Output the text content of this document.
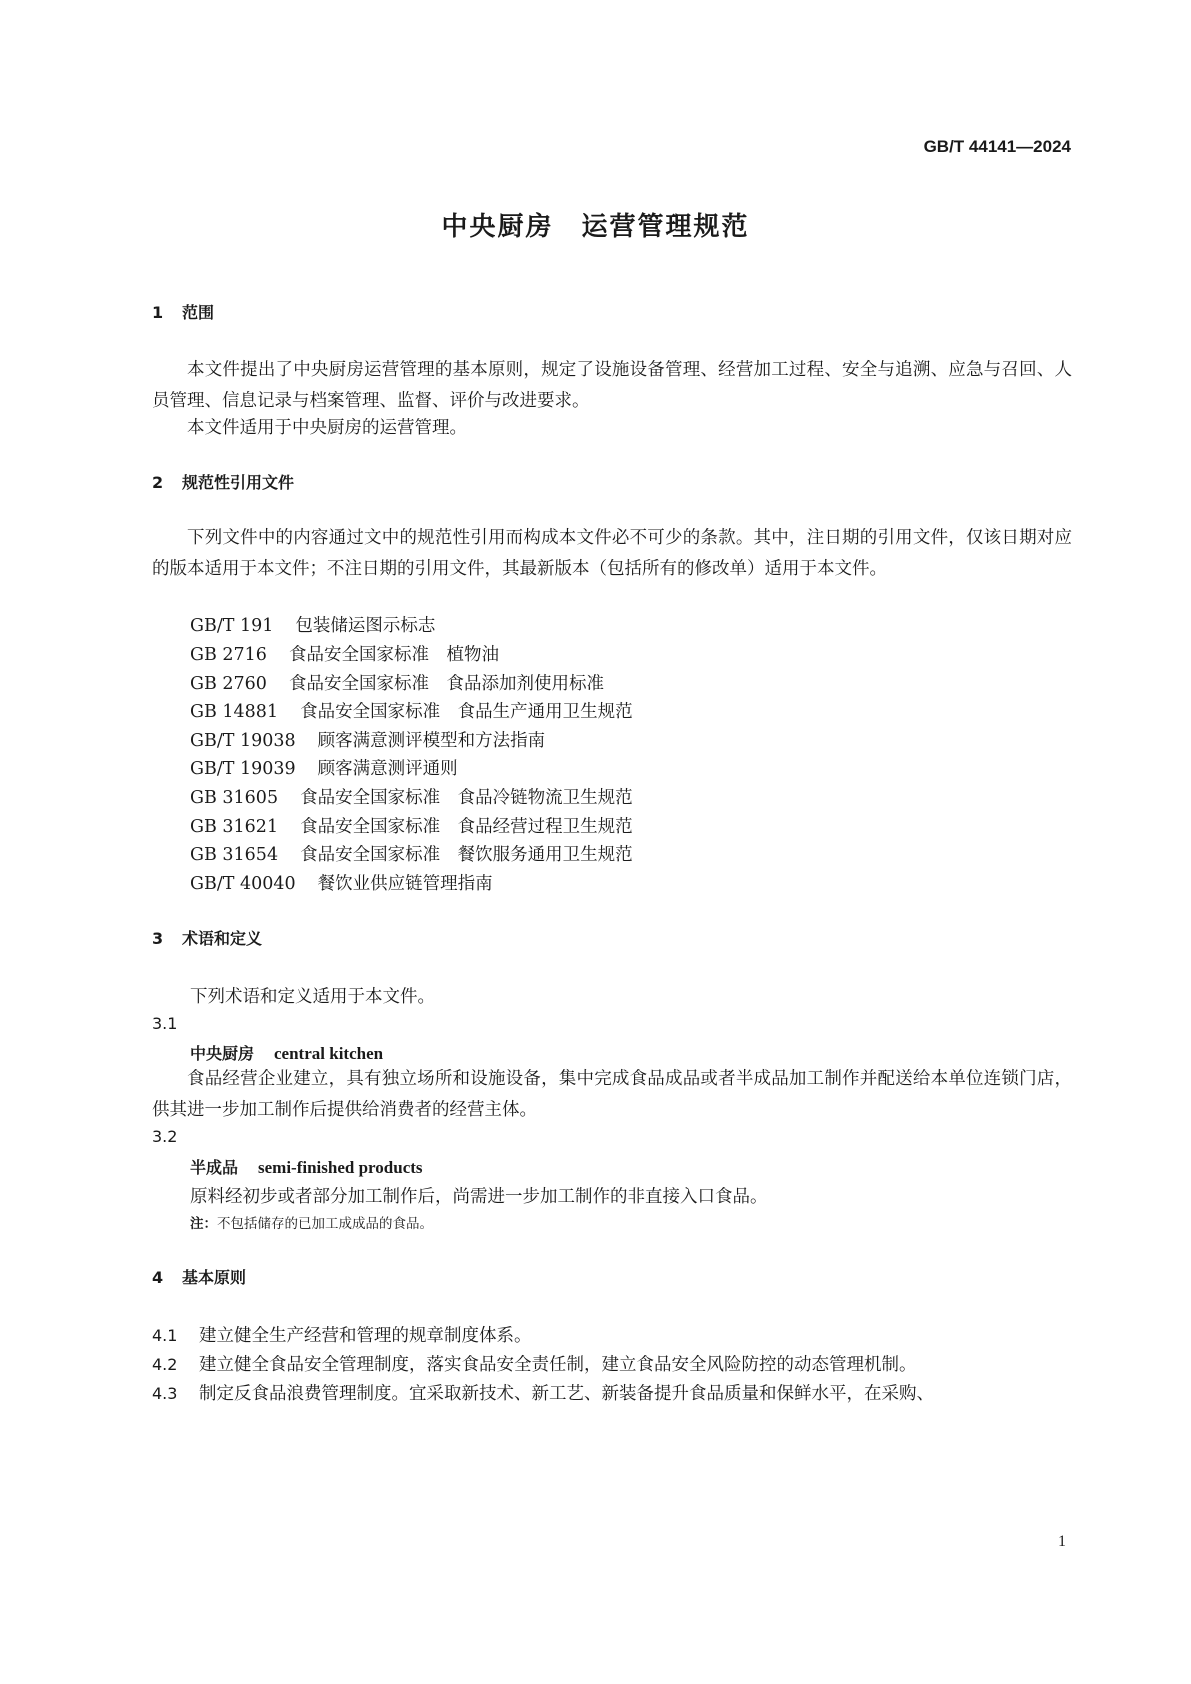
GB/T 44141—2024
中央厨房　运营管理规范
1 范围
本文件提出了中央厨房运营管理的基本原则，规定了设施设备管理、经营加工过程、安全与追溯、应急与召回、人员管理、信息记录与档案管理、监督、评价与改进要求。
本文件适用于中央厨房的运营管理。
2 规范性引用文件
下列文件中的内容通过文中的规范性引用而构成本文件必不可少的条款。其中，注日期的引用文件，仅该日期对应的版本适用于本文件；不注日期的引用文件，其最新版本（包括所有的修改单）适用于本文件。
GB/T 191 包装储运图示标志
GB 2716 食品安全国家标准　植物油
GB 2760 食品安全国家标准　食品添加剂使用标准
GB 14881 食品安全国家标准　食品生产通用卫生规范
GB/T 19038 顾客满意测评模型和方法指南
GB/T 19039 顾客满意测评通则
GB 31605 食品安全国家标准　食品冷链物流卫生规范
GB 31621 食品安全国家标准　食品经营过程卫生规范
GB 31654 食品安全国家标准　餐饮服务通用卫生规范
GB/T 40040 餐饮业供应链管理指南
3 术语和定义
下列术语和定义适用于本文件。
3.1
中央厨房 central kitchen
食品经营企业建立，具有独立场所和设施设备，集中完成食品成品或者半成品加工制作并配送给本单位连锁门店，供其进一步加工制作后提供给消费者的经营主体。
3.2
半成品 semi-finished products
原料经初步或者部分加工制作后，尚需进一步加工制作的非直接入口食品。
注：不包括储存的已加工成成品的食品。
4 基本原则
4.1 建立健全生产经营和管理的规章制度体系。
4.2 建立健全食品安全管理制度，落实食品安全责任制，建立食品安全风险防控的动态管理机制。
4.3 制定反食品浪费管理制度。宜采取新技术、新工艺、新装备提升食品质量和保鲜水平，在采购、
1
